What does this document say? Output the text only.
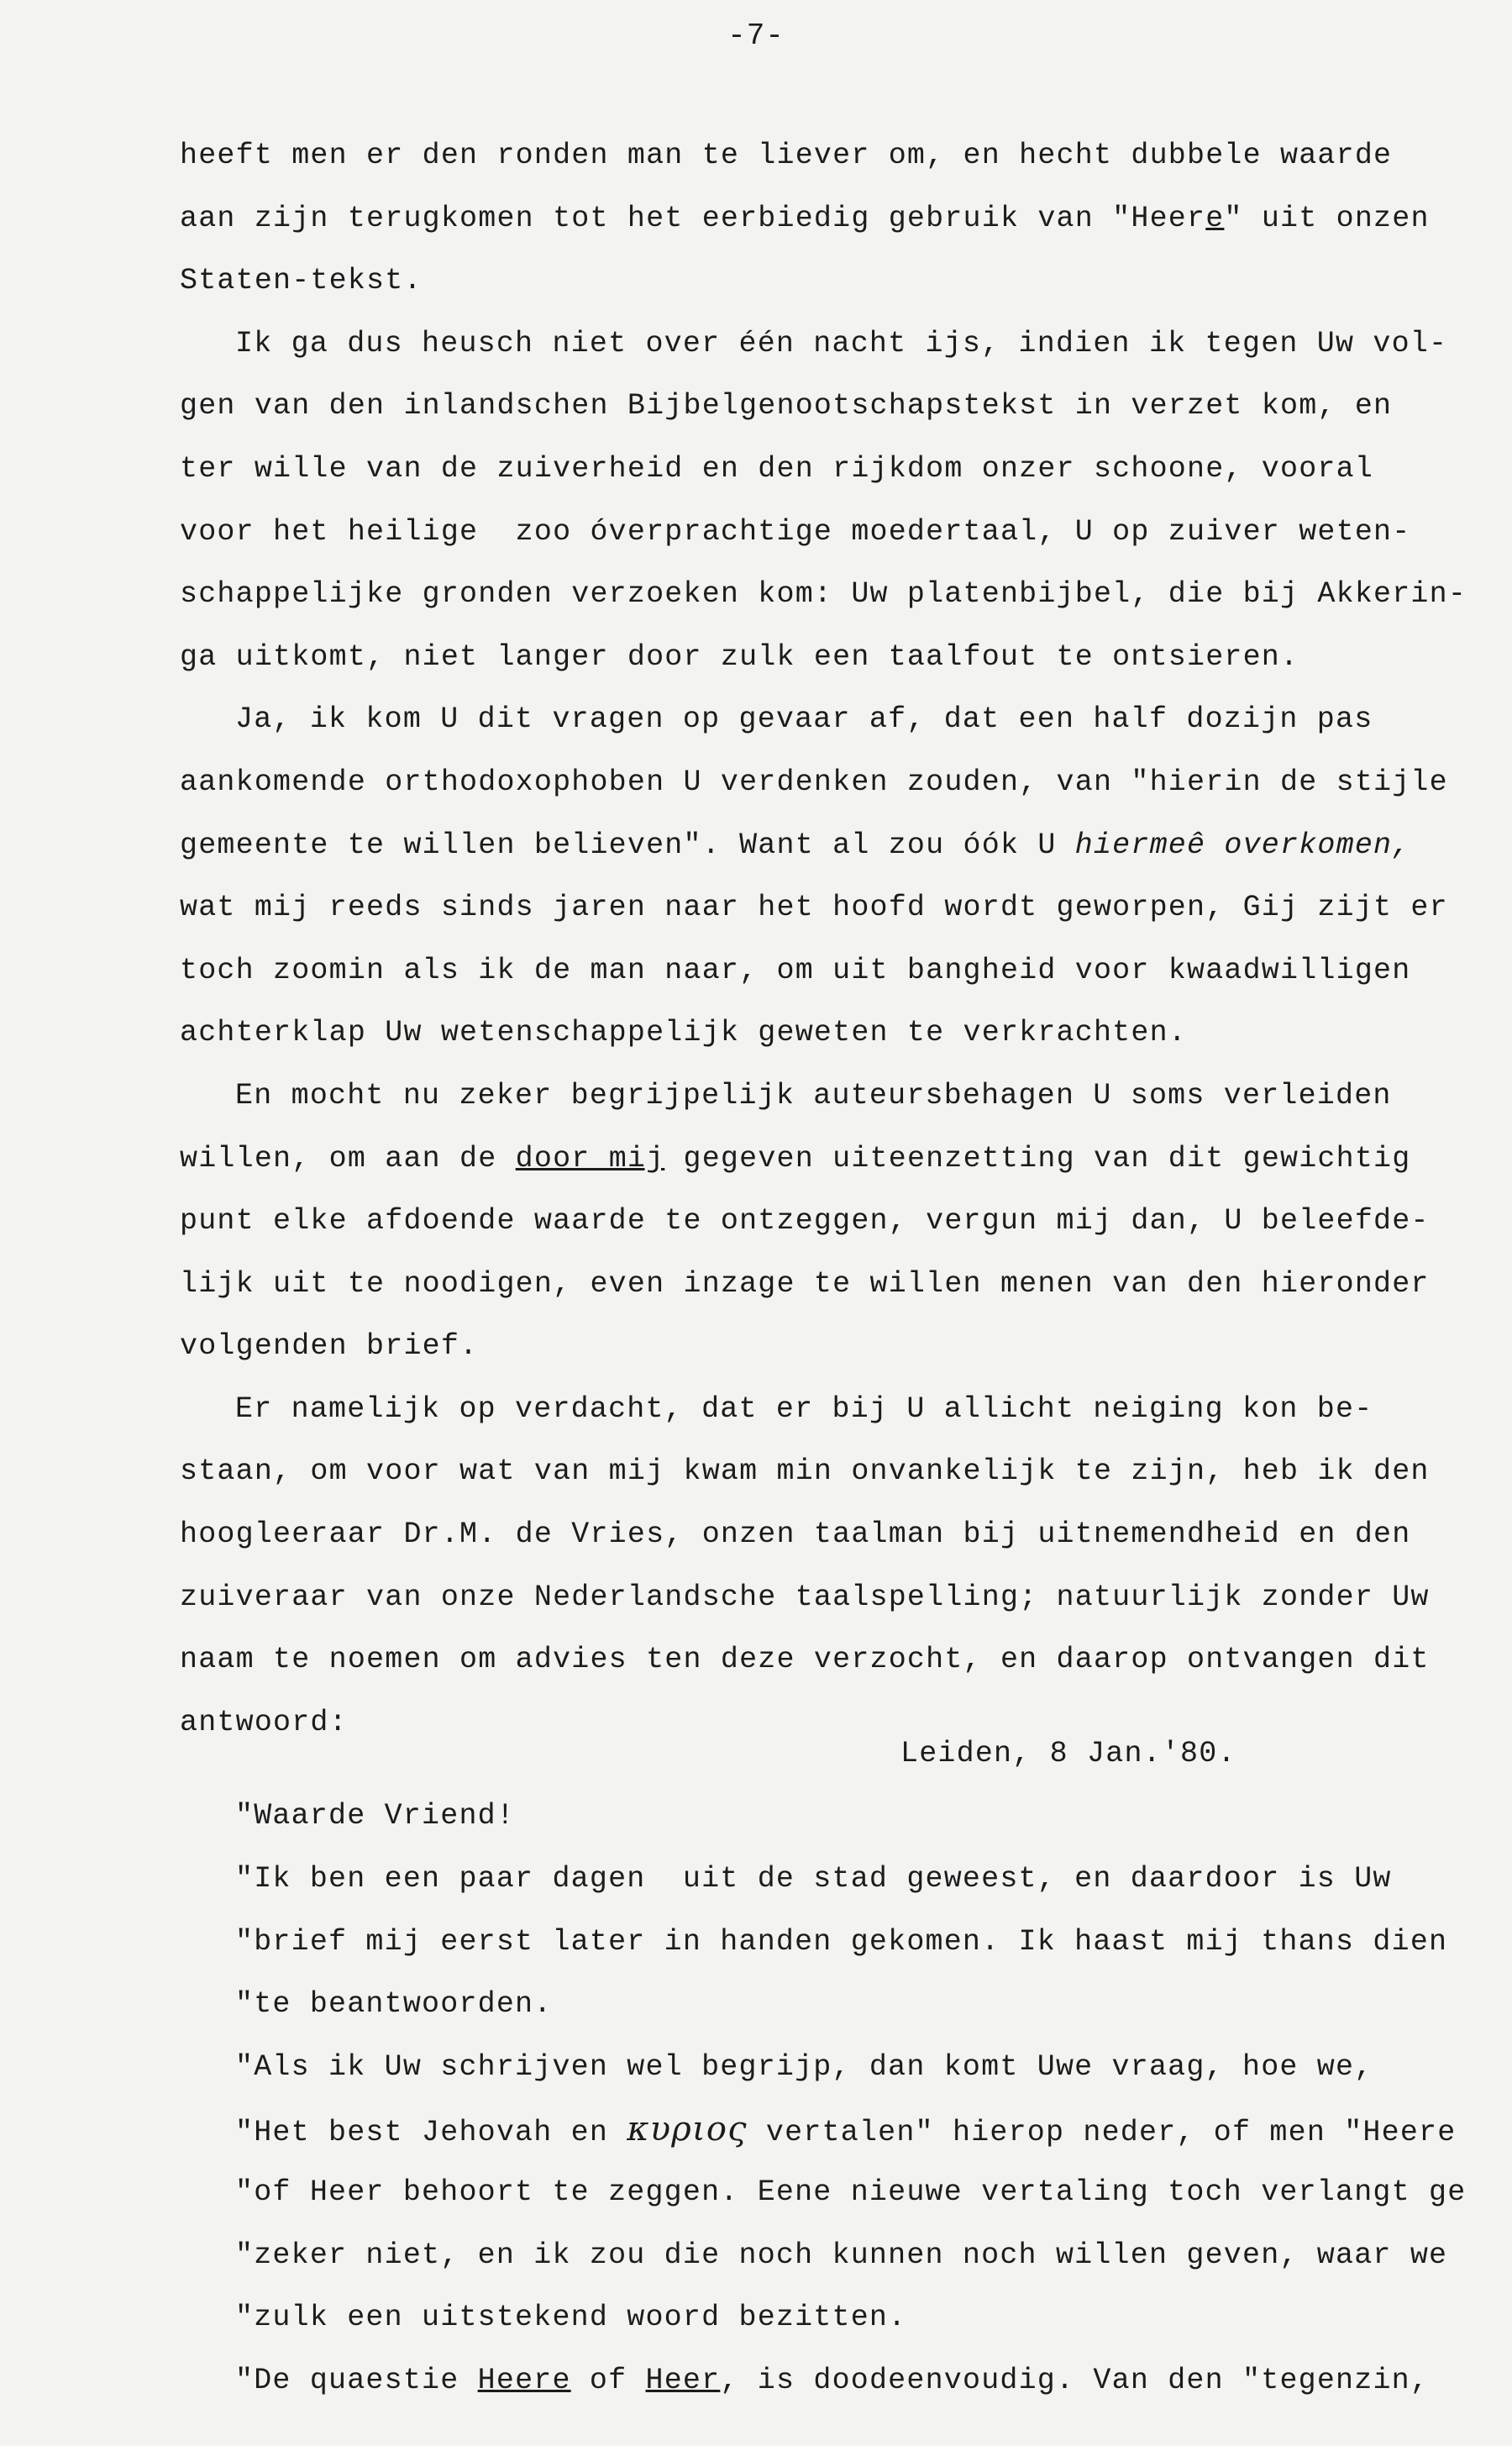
-7-
heeft men er den ronden man te liever om, en hecht dubbele waarde
aan zijn terugkomen tot het eerbiedig gebruik van "Heere" uit onzen
Staten-tekst.
Ik ga dus heusch niet over één nacht ijs, indien ik tegen Uw vol-
gen van den inlandschen Bijbelgenootschapstekst in verzet kom, en
ter wille van de zuiverheid en den rijkdom onzer schoone, vooral
voor het heilige  zoo óverprachtige moedertaal, U op zuiver weten-
schappelijke gronden verzoeken kom: Uw platenbijbel, die bij Akkerin-
ga uitkomt, niet langer door zulk een taalfout te ontsieren.
Ja, ik kom U dit vragen op gevaar af, dat een half dozijn pas
aankomende orthodoxophoben U verdenken zouden, van "hierin de stijle
gemeente te willen believen". Want al zou óók U hiermeê overkomen,
wat mij reeds sinds jaren naar het hoofd wordt geworpen, Gij zijt er
toch zoomin als ik de man naar, om uit bangheid voor kwaadwilligen
achterklap Uw wetenschappelijk geweten te verkrachten.
En mocht nu zeker begrijpelijk auteursbehagen U soms verleiden
willen, om aan de door mij gegeven uiteenzetting van dit gewichtig
punt elke afdoende waarde te ontzeggen, vergun mij dan, U beleefde-
lijk uit te noodigen, even inzage te willen menen van den hieronder
volgenden brief.
Er namelijk op verdacht, dat er bij U allicht neiging kon be-
staan, om voor wat van mij kwam min onvankelijk te zijn, heb ik den
hoogleeraar Dr.M. de Vries, onzen taalman bij uitnemendheid en den
zuiveraar van onze Nederlandsche taalspelling; natuurlijk zonder Uw
naam te noemen om advies ten deze verzocht, en daarop ontvangen dit
antwoord:
Leiden, 8 Jan.'80.
"Waarde Vriend!
"Ik ben een paar dagen  uit de stad geweest, en daardoor is Uw
"brief mij eerst later in handen gekomen. Ik haast mij thans dien
"te beantwoorden.
"Als ik Uw schrijven wel begrijp, dan komt Uwe vraag, hoe we,
"Het best Jehovah en κυριος vertalen" hierop neder, of men "Heere
"of Heer behoort te zeggen. Eene nieuwe vertaling toch verlangt ge
"zeker niet, en ik zou die noch kunnen noch willen geven, waar we
"zulk een uitstekend woord bezitten.
"De quaestie Heere of Heer, is doodeenvoudig. Van den "tegenzin,
